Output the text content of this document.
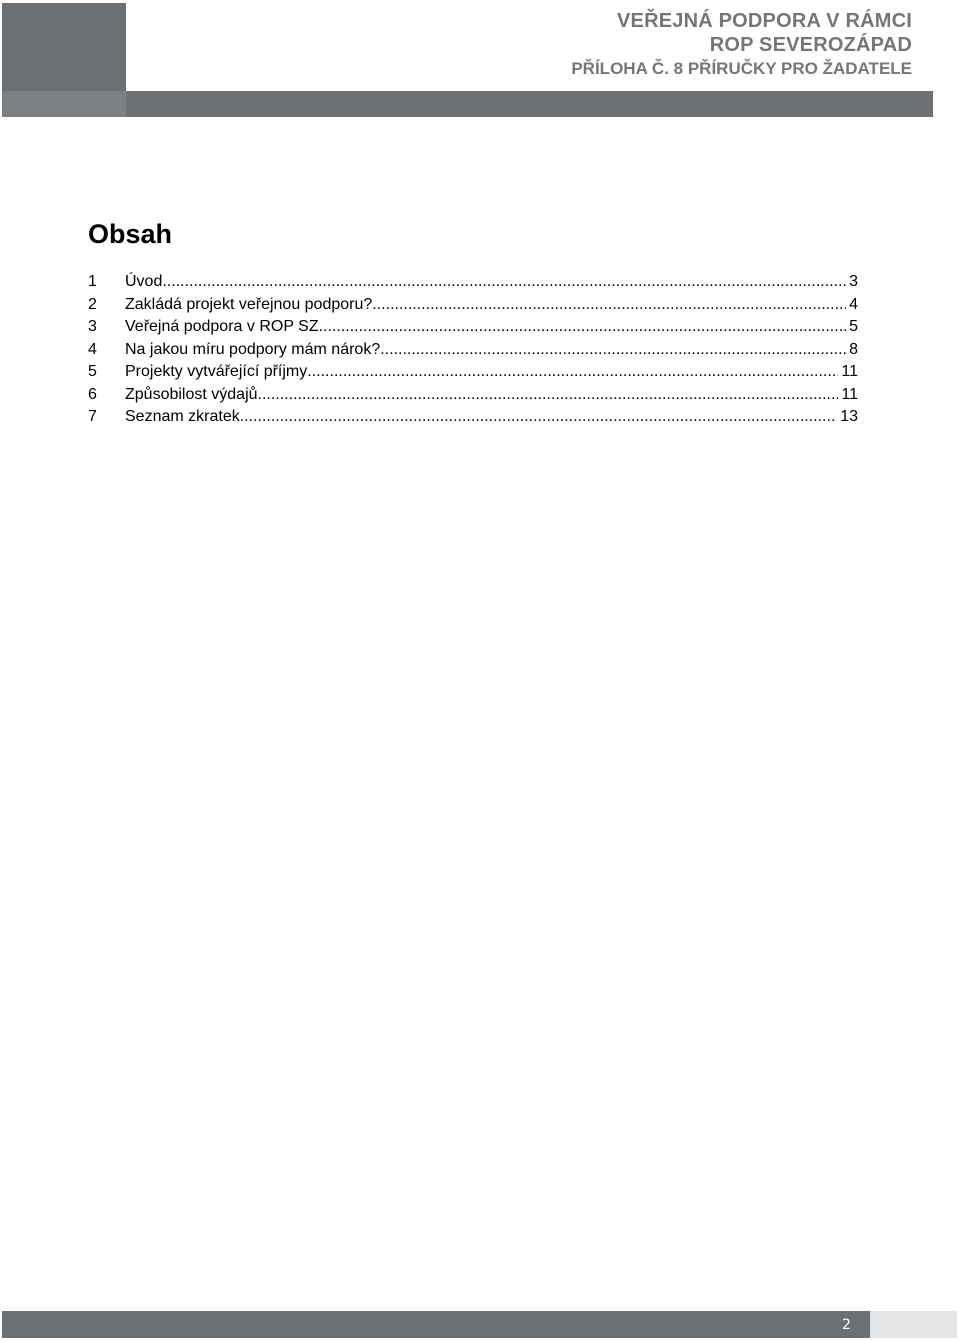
VEŘEJNÁ PODPORA V RÁMCI
ROP SEVEROZÁPAD
PŘÍLOHA Č. 8 PŘÍRUČKY PRO ŽADATELE
Obsah
1	Úvod .....	3
2	Zakládá projekt veřejnou podporu? .....	4
3	Veřejná podpora v ROP SZ .....	5
4	Na jakou míru podpory mám nárok? .....	8
5	Projekty vytvářející příjmy .....	11
6	Způsobilost výdajů .....	11
7	Seznam zkratek .....	13
2
